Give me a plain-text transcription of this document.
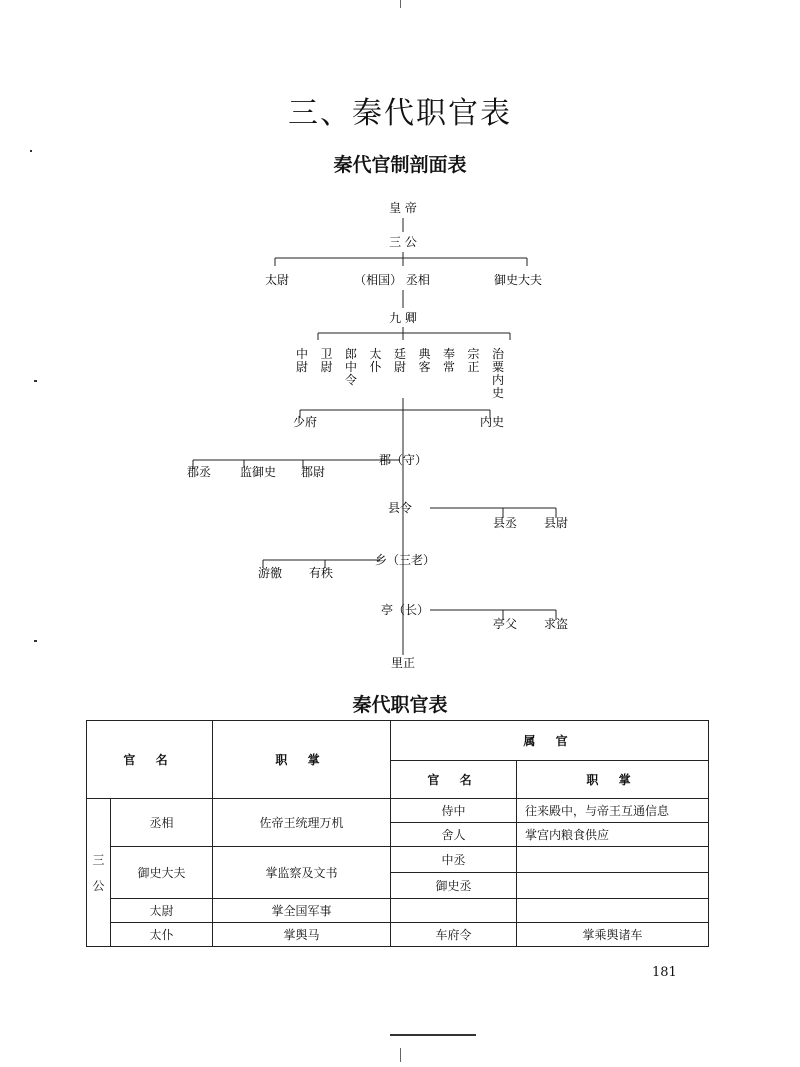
三、秦代职官表
秦代官制剖面表
皇 帝
三 公
太尉	（相国） 丞相	御史大夫
九 卿
中尉
卫尉
郎中令
太仆
廷尉
典客
奉常
宗正
治粟内史
少府	内史
郡（守）
郡丞 监御史 郡尉
县令
县丞 县尉
乡（三老）
游徼 有秩
亭（长）
亭父 求盗
里正
秦代职官表
官 名		职 掌	属 官	
			官 名	职 掌
三
公	丞相	佐帝王统理万机	侍中	往来殿中，与帝王互通信息
			舍人	掌宫内粮食供应
	御史大夫	掌监察及文书	中丞	
			御史丞	
	太尉	掌全国军事		
	太仆	掌舆马	车府令	掌乘舆诸车
181
